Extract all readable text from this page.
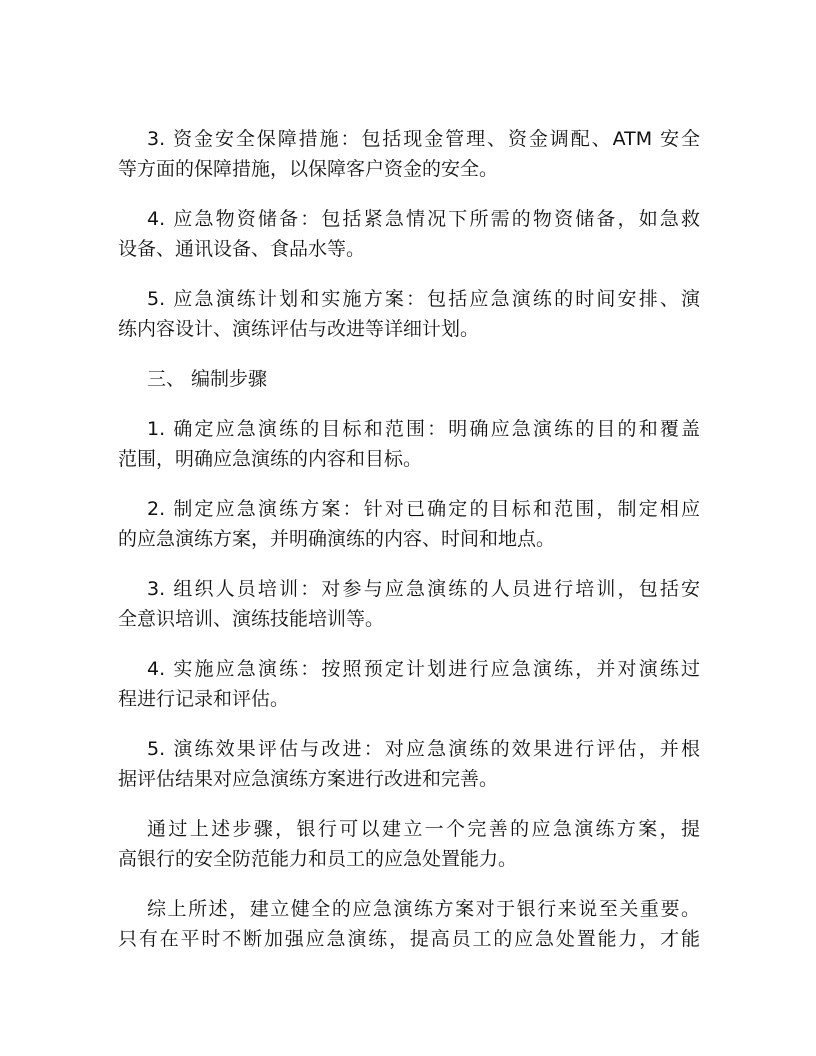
3. 资金安全保障措施：包括现金管理、资金调配、ATM 安全
等方面的保障措施，以保障客户资金的安全。

4. 应急物资储备：包括紧急情况下所需的物资储备，如急救
设备、通讯设备、食品水等。

5. 应急演练计划和实施方案：包括应急演练的时间安排、演
练内容设计、演练评估与改进等详细计划。

三、 编制步骤

1. 确定应急演练的目标和范围：明确应急演练的目的和覆盖
范围，明确应急演练的内容和目标。

2. 制定应急演练方案：针对已确定的目标和范围，制定相应
的应急演练方案，并明确演练的内容、时间和地点。

3. 组织人员培训：对参与应急演练的人员进行培训，包括安
全意识培训、演练技能培训等。

4. 实施应急演练：按照预定计划进行应急演练，并对演练过
程进行记录和评估。

5. 演练效果评估与改进：对应急演练的效果进行评估，并根
据评估结果对应急演练方案进行改进和完善。

通过上述步骤，银行可以建立一个完善的应急演练方案，提
高银行的安全防范能力和员工的应急处置能力。

综上所述，建立健全的应急演练方案对于银行来说至关重要。
只有在平时不断加强应急演练，提高员工的应急处置能力，才能
